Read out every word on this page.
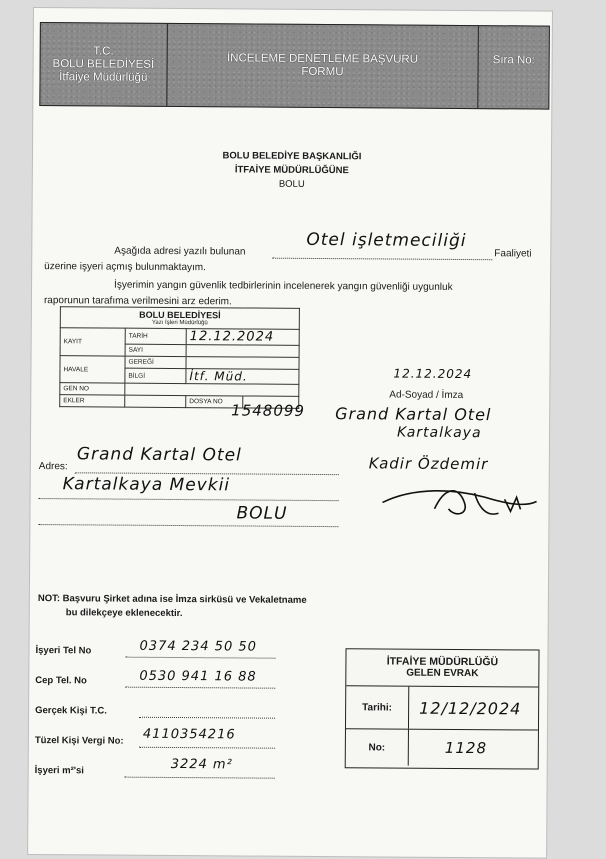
T.C.
BOLU BELEDİYESİ
İtfaiye Müdürlüğü
İNCELEME DENETLEME BAŞVURU
FORMU
Sıra No:
BOLU BELEDİYE BAŞKANLIĞI
İTFAİYE MÜDÜRLÜĞÜNE
BOLU
Aşağıda adresi yazılı bulunan
Otel işletmeciliği
Faaliyeti
üzerine işyeri açmış bulunmaktayım.
İşyerimin yangın güvenlik tedbirlerinin incelenerek yangın güvenliği uygunluk
raporunun tarafıma verilmesini arz ederim.
BOLU BELEDİYESİ
Yazı İşleri Müdürlüğü			

KAYIT	TARİH	12.12.2024	
	SAYI		
HAVALE	GEREĞİ		
	BİLGİ	İtf. Müd.	
GEN NO			
EKLER		DOSYA NO	1548099
12.12.2024
Ad-Soyad / İmza
Grand Kartal Otel
Kartalkaya
Kadir Özdemir
Adres:
Grand Kartal Otel
Kartalkaya Mevkii
BOLU
NOT: Başvuru Şirket adına ise İmza sirküsü ve Vekaletname
bu dilekçeye eklenecektir.
İşyeri Tel No	0374 234 50 50
Cep Tel. No	0530 941 16 88
Gerçek Kişi T.C.
Tüzel Kişi Vergi No: 4110354216
İşyeri m²'si	3224 m²
İTFAİYE MÜDÜRLÜĞÜ
GELEN EVRAK
Tarihi:	12/12/2024
No:	1128
